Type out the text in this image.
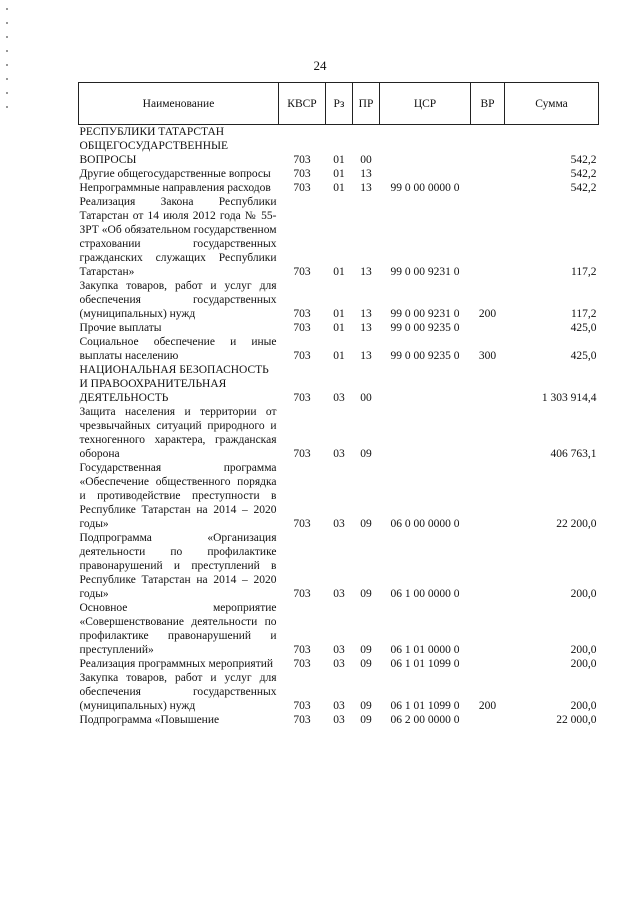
24
Наименование	КВСР	Рз	ПР	ЦСР	ВР	Сумма
РЕСПУБЛИКИ ТАТАРСТАН						
ОБЩЕГОСУДАРСТВЕННЫЕ ВОПРОСЫ	703	01	00			542,2
Другие общегосударственные вопросы	703	01	13			542,2
Непрограммные направления расходов	703	01	13	99 0 00 0000 0		542,2
Реализация Закона Республики Татарстан от 14 июля 2012 года № 55-ЗРТ «Об обязательном государственном страховании государственных гражданских служащих Республики Татарстан»	703	01	13	99 0 00 9231 0		117,2
Закупка товаров, работ и услуг для обеспечения государственных (муниципальных) нужд	703	01	13	99 0 00 9231 0	200	117,2
Прочие выплаты	703	01	13	99 0 00 9235 0		425,0
Социальное обеспечение и иные выплаты населению	703	01	13	99 0 00 9235 0	300	425,0
НАЦИОНАЛЬНАЯ БЕЗОПАСНОСТЬ И ПРАВООХРАНИТЕЛЬНАЯ ДЕЯТЕЛЬНОСТЬ	703	03	00			1 303 914,4
Защита населения и территории от чрезвычайных ситуаций природного и техногенного характера, гражданская оборона	703	03	09			406 763,1
Государственная программа «Обеспечение общественного порядка и противодействие преступности в Республике Татарстан на 2014 – 2020 годы»	703	03	09	06 0 00 0000 0		22 200,0
Подпрограмма «Организация деятельности по профилактике правонарушений и преступлений в Республике Татарстан на 2014 – 2020 годы»	703	03	09	06 1 00 0000 0		200,0
Основное мероприятие «Совершенствование деятельности по профилактике правонарушений и преступлений»	703	03	09	06 1 01 0000 0		200,0
Реализация программных мероприятий	703	03	09	06 1 01 1099 0		200,0
Закупка товаров, работ и услуг для обеспечения государственных (муниципальных) нужд	703	03	09	06 1 01 1099 0	200	200,0
Подпрограмма «Повышение	703	03	09	06 2 00 0000 0		22 000,0
